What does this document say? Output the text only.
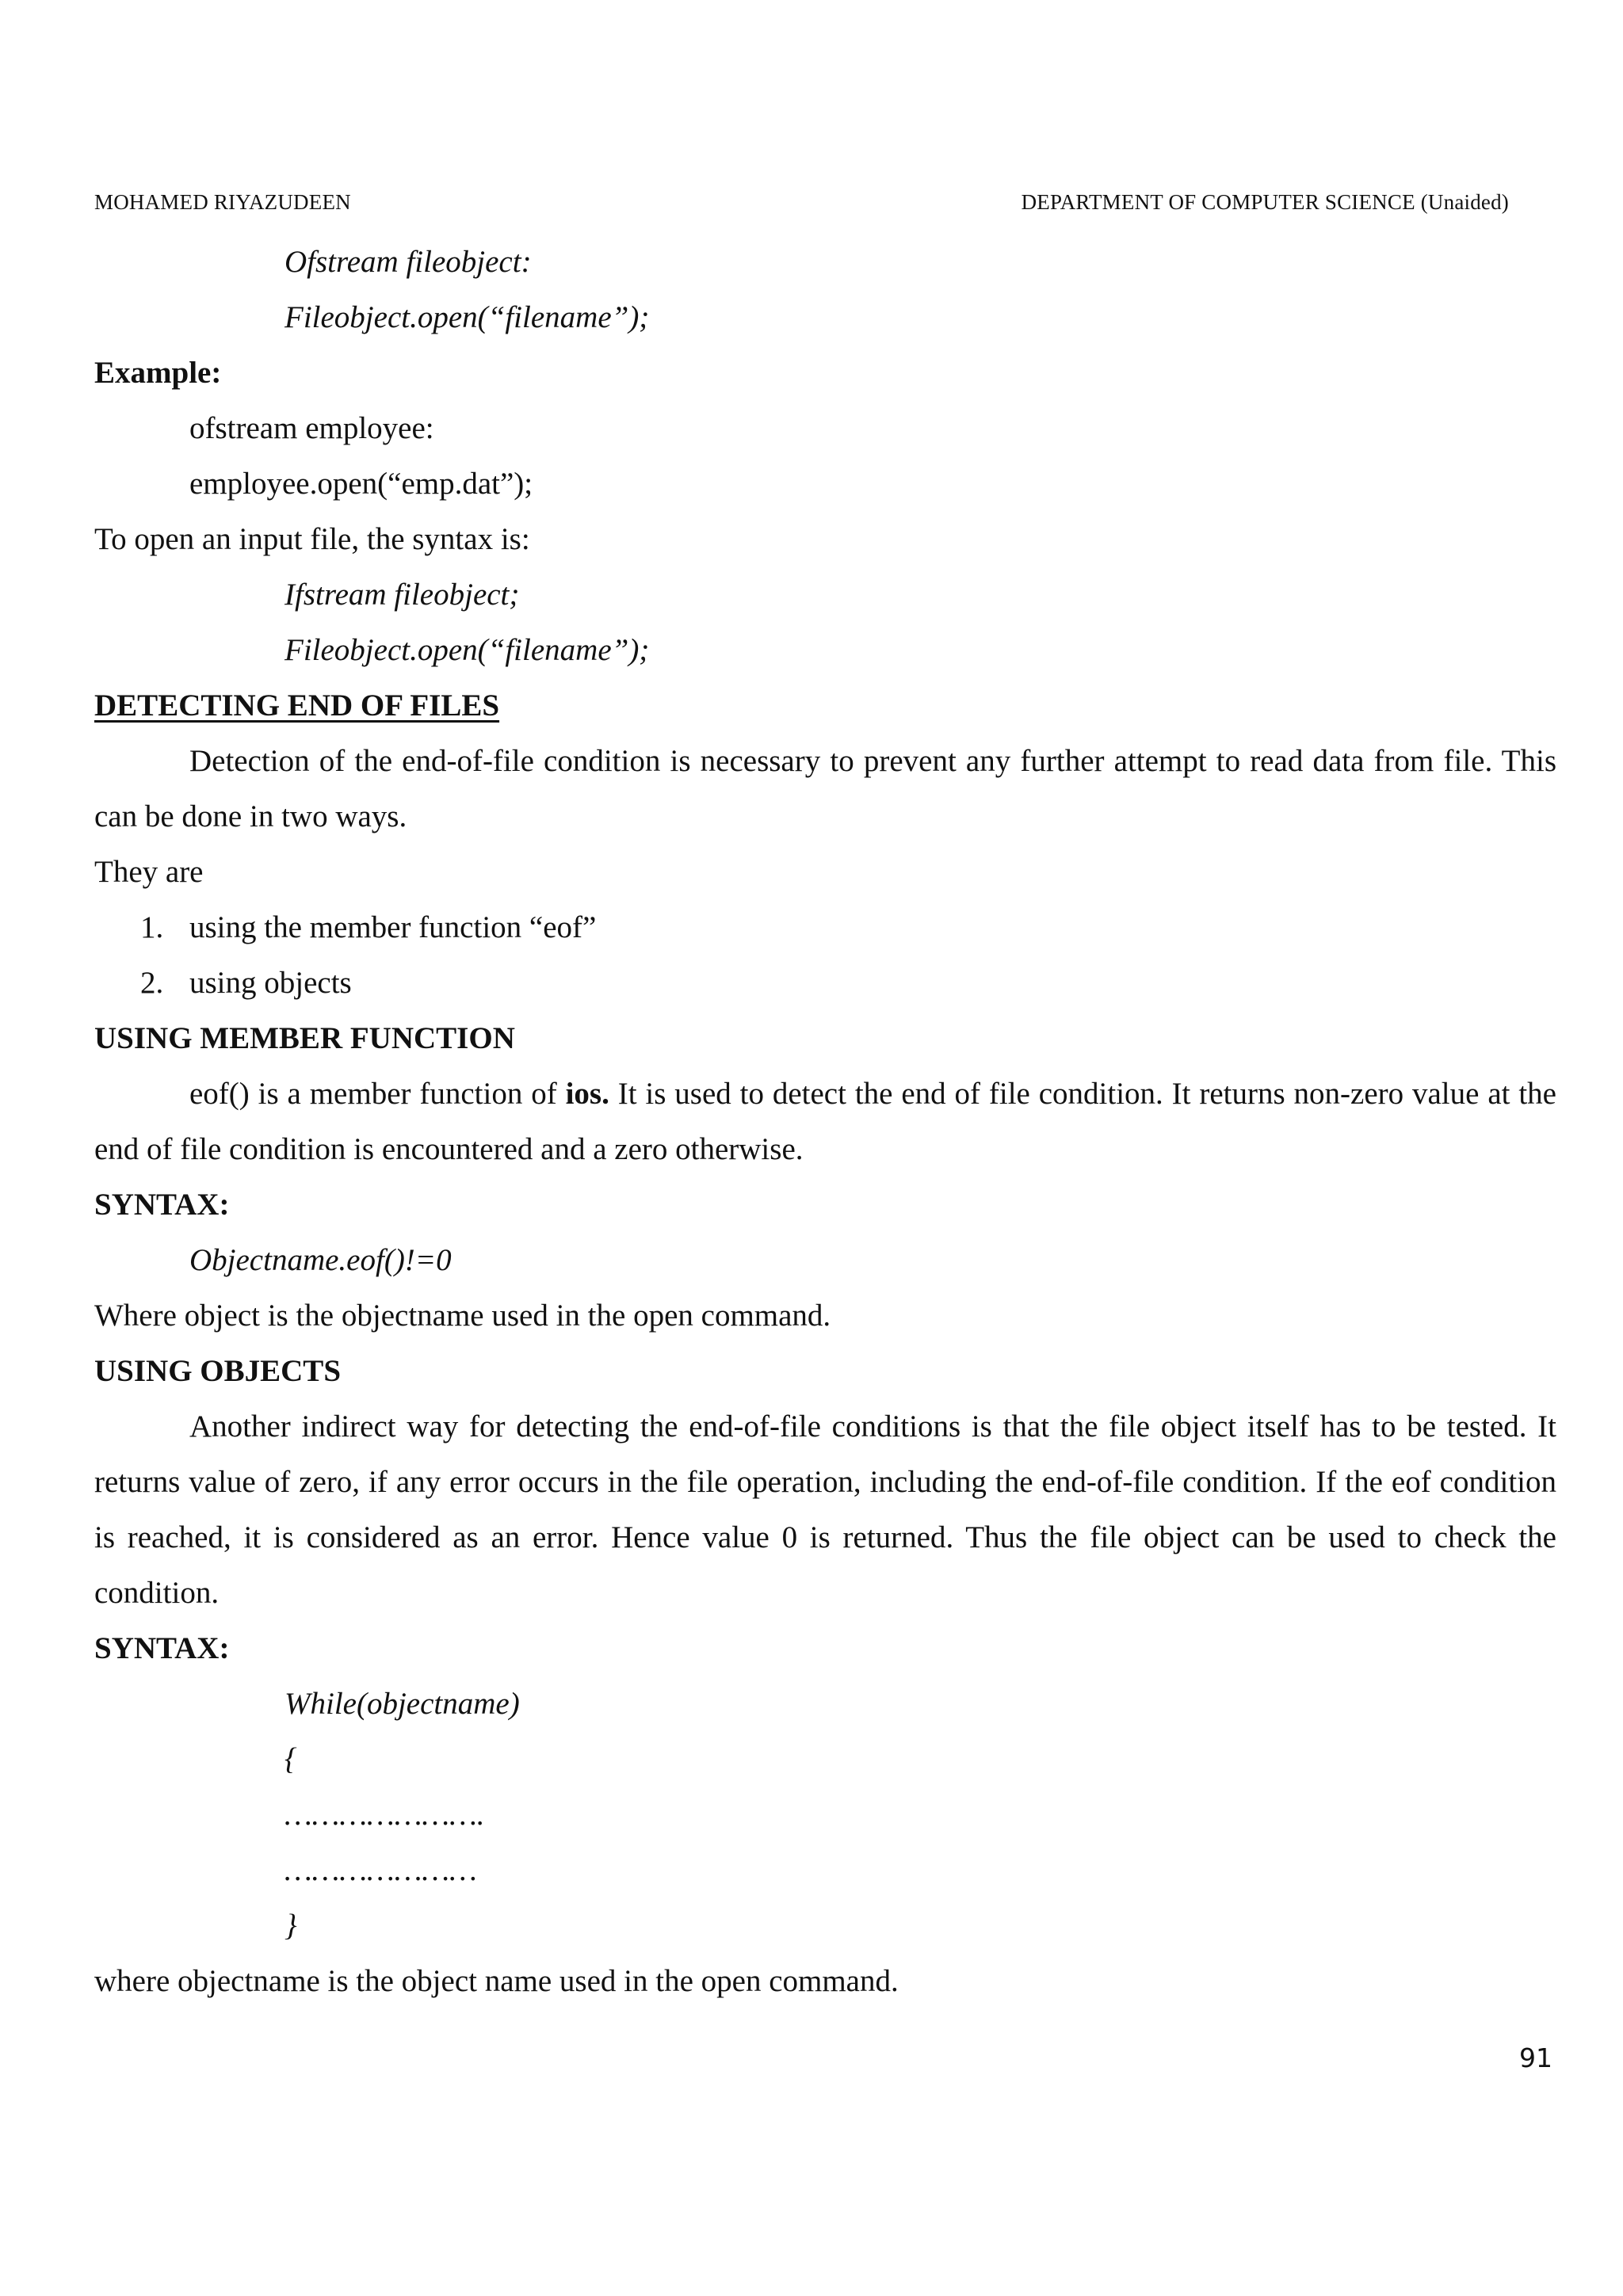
MOHAMED RIYAZUDEEN	DEPARTMENT OF COMPUTER SCIENCE (Unaided)
Ofstream fileobject:
Fileobject.open(“filename”);
Example:
ofstream employee:
employee.open(“emp.dat”);
To open an input file, the syntax is:
Ifstream fileobject;
Fileobject.open(“filename”);
DETECTING END OF FILES
Detection of the end-of-file condition is necessary to prevent any further attempt to read data from file. This can be done in two ways.
They are
1. using the member function “eof”
2. using objects
USING MEMBER FUNCTION
eof() is a member function of ios. It is used to detect the end of file condition. It returns non-zero value at the end of file condition is encountered and a zero otherwise.
SYNTAX:
Objectname.eof()!=0
Where object is the objectname used in the open command.
USING OBJECTS
Another indirect way for detecting the end-of-file conditions is that the file object itself has to be tested. It returns value of zero, if any error occurs in the file operation, including the end-of-file condition. If the eof condition is reached, it is considered as an error. Hence value 0 is returned. Thus the file object can be used to check the condition.
SYNTAX:
While(objectname)
{
………………….
…………………
}
where objectname is the object name used in the open command.
91
